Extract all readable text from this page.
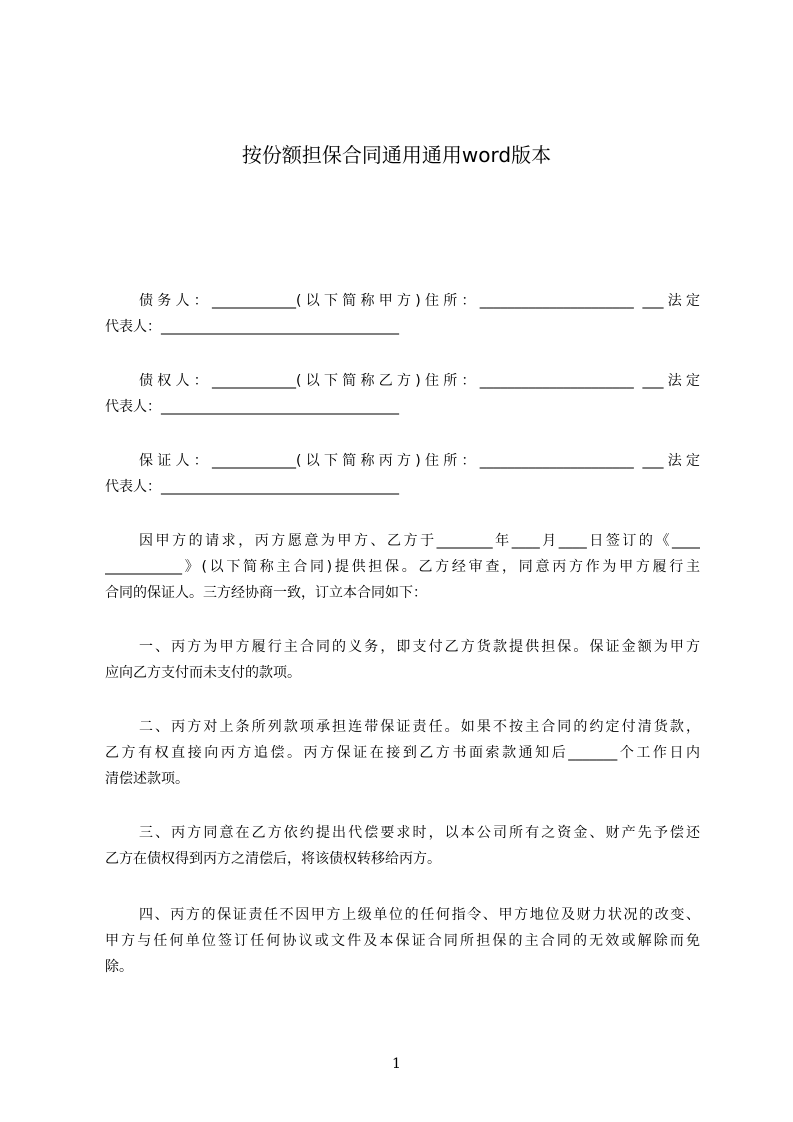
按份额担保合同通用通用word版本
债务人：____________(以下简称甲方)住所：______________________ ___法定
代表人：__________________________________
债权人：____________(以下简称乙方)住所：______________________ ___法定
代表人：__________________________________
保证人：____________(以下简称丙方)住所：______________________ ___法定
代表人：__________________________________
因甲方的请求，丙方愿意为甲方、乙方于________年____月____日签订的《____
___________》(以下简称主合同)提供担保。乙方经审查，同意丙方作为甲方履行主
合同的保证人。三方经协商一致，订立本合同如下：
一、丙方为甲方履行主合同的义务，即支付乙方货款提供担保。保证金额为甲方
应向乙方支付而未支付的款项。
二、丙方对上条所列款项承担连带保证责任。如果不按主合同的约定付清货款，
乙方有权直接向丙方追偿。丙方保证在接到乙方书面索款通知后_______个工作日内
清偿述款项。
三、丙方同意在乙方依约提出代偿要求时，以本公司所有之资金、财产先予偿还
乙方在债权得到丙方之清偿后，将该债权转移给丙方。
四、丙方的保证责任不因甲方上级单位的任何指令、甲方地位及财力状况的改变、
甲方与任何单位签订任何协议或文件及本保证合同所担保的主合同的无效或解除而免
除。
1
